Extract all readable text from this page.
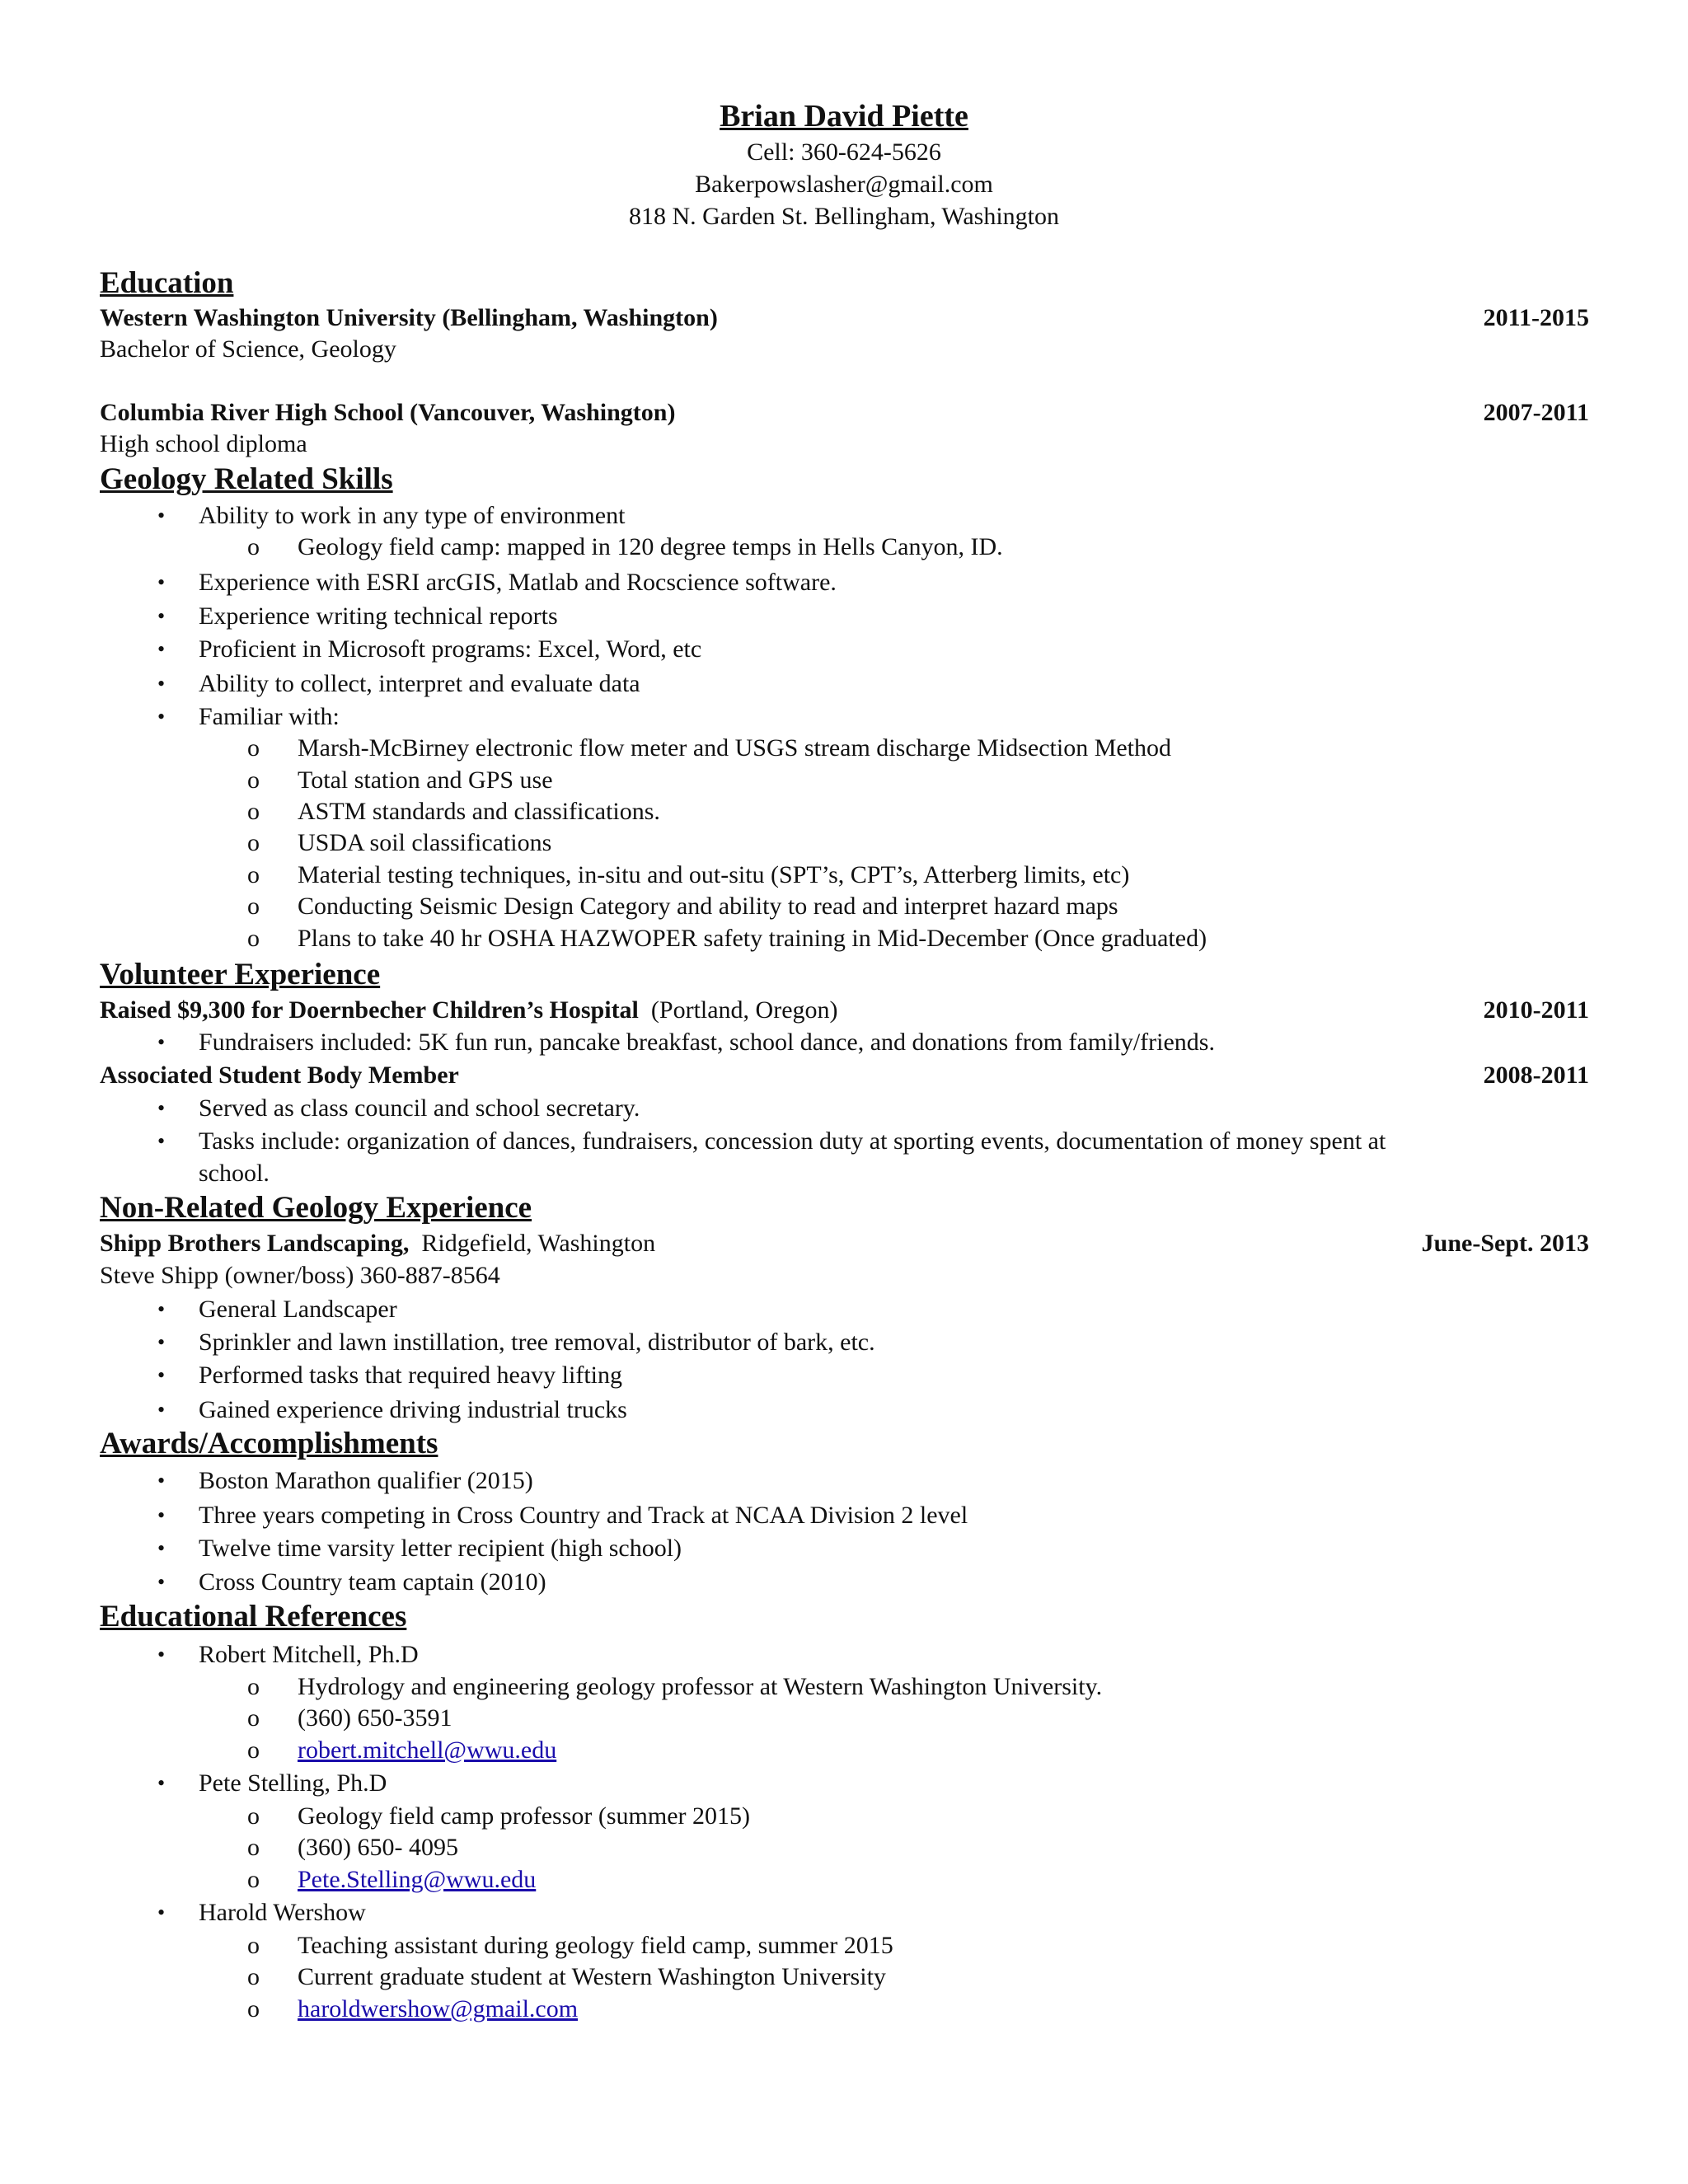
Brian David Piette
Cell: 360-624-5626
Bakerpowslasher@gmail.com
818 N. Garden St. Bellingham, Washington
Education
Western Washington University (Bellingham, Washington)	2011-2015
Bachelor of Science, Geology
Columbia River High School (Vancouver, Washington)	2007-2011
High school diploma
Geology Related Skills
• Ability to work in any type of environment
o Geology field camp: mapped in 120 degree temps in Hells Canyon, ID.
• Experience with ESRI arcGIS, Matlab and Rocscience software.
• Experience writing technical reports
• Proficient in Microsoft programs: Excel, Word, etc
• Ability to collect, interpret and evaluate data
• Familiar with:
o Marsh-McBirney electronic flow meter and USGS stream discharge Midsection Method
o Total station and GPS use
o ASTM standards and classifications.
o USDA soil classifications
o Material testing techniques, in-situ and out-situ (SPT’s, CPT’s, Atterberg limits, etc)
o Conducting Seismic Design Category and ability to read and interpret hazard maps
o Plans to take 40 hr OSHA HAZWOPER safety training in Mid-December (Once graduated)
Volunteer Experience
Raised $9,300 for Doernbecher Children’s Hospital (Portland, Oregon)	2010-2011
• Fundraisers included: 5K fun run, pancake breakfast, school dance, and donations from family/friends.
Associated Student Body Member	2008-2011
• Served as class council and school secretary.
• Tasks include: organization of dances, fundraisers, concession duty at sporting events, documentation of money spent at
school.
Non-Related Geology Experience
Shipp Brothers Landscaping, Ridgefield, Washington	June-Sept. 2013
Steve Shipp (owner/boss) 360-887-8564
• General Landscaper
• Sprinkler and lawn instillation, tree removal, distributor of bark, etc.
• Performed tasks that required heavy lifting
• Gained experience driving industrial trucks
Awards/Accomplishments
• Boston Marathon qualifier (2015)
• Three years competing in Cross Country and Track at NCAA Division 2 level
• Twelve time varsity letter recipient (high school)
• Cross Country team captain (2010)
Educational References
• Robert Mitchell, Ph.D
o Hydrology and engineering geology professor at Western Washington University.
o (360) 650-3591
o robert.mitchell@wwu.edu
• Pete Stelling, Ph.D
o Geology field camp professor (summer 2015)
o (360) 650- 4095
o Pete.Stelling@wwu.edu
• Harold Wershow
o Teaching assistant during geology field camp, summer 2015
o Current graduate student at Western Washington University
o haroldwershow@gmail.com
